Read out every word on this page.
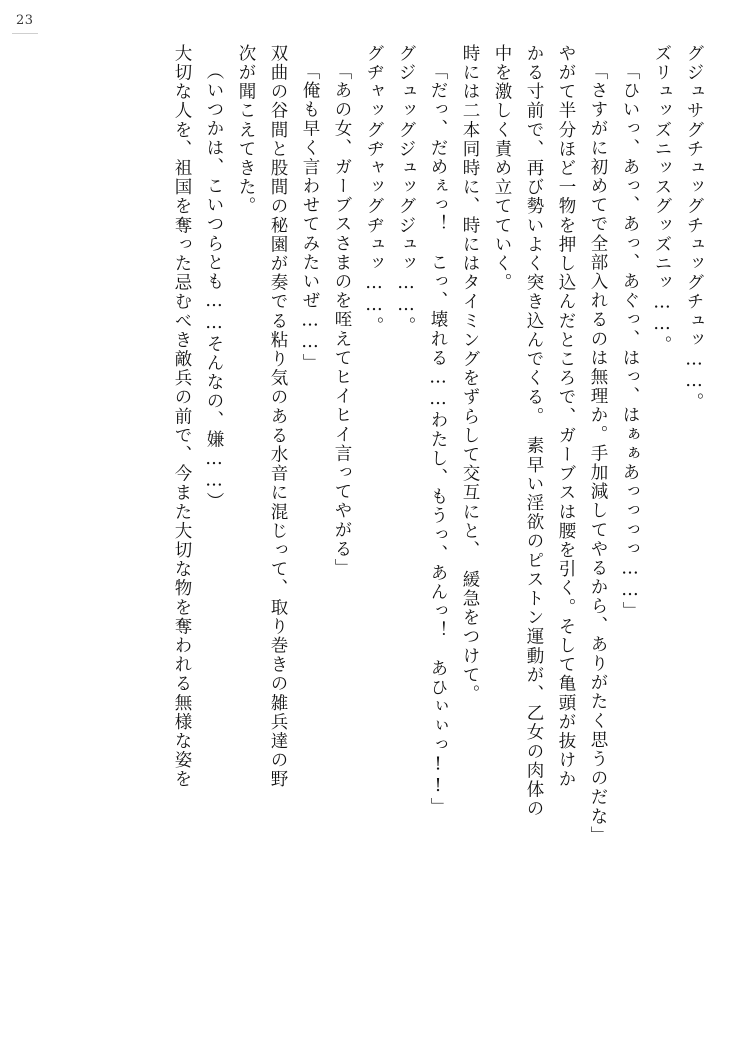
23
グジュサグチュッグチュッグチュッ……。
ズリュッズニッスグッズニッ……。
「ひいっ、あっ、あっ、あぐっ、はっ、はぁぁあっっっっ……」
「さすがに初めてで全部入れるのは無理か。手加減してやるから、ありがたく思うのだな」
やがて半分ほど一物を押し込んだところで、ガーブスは腰を引く。そして亀頭が抜けか
かる寸前で、再び勢いよく突き込んでくる。　素早い淫欲のピストン運動が、乙女の肉体の
中を激しく責め立てていく。
時には二本同時に、時にはタイミングをずらして交互にと、　緩急をつけて。
「だっ、だめぇっ！　こっ、壊れる……わたし、もうっ、あんっ！　あひぃぃっ!!」
グジュッグジュッグジュッ……。
グヂャッグヂャッグヂュッ……。
「あの女、ガーブスさまのを咥えてヒイヒイ言ってやがる」
「俺も早く言わせてみたいぜ……」
双曲の谷間と股間の秘園が奏でる粘り気のある水音に混じって、取り巻きの雑兵達の野
次が聞こえてきた。
（いつかは、こいつらとも……そんなの、嫌……）
大切な人を、祖国を奪った忌むべき敵兵の前で、今また大切な物を奪われる無様な姿を
